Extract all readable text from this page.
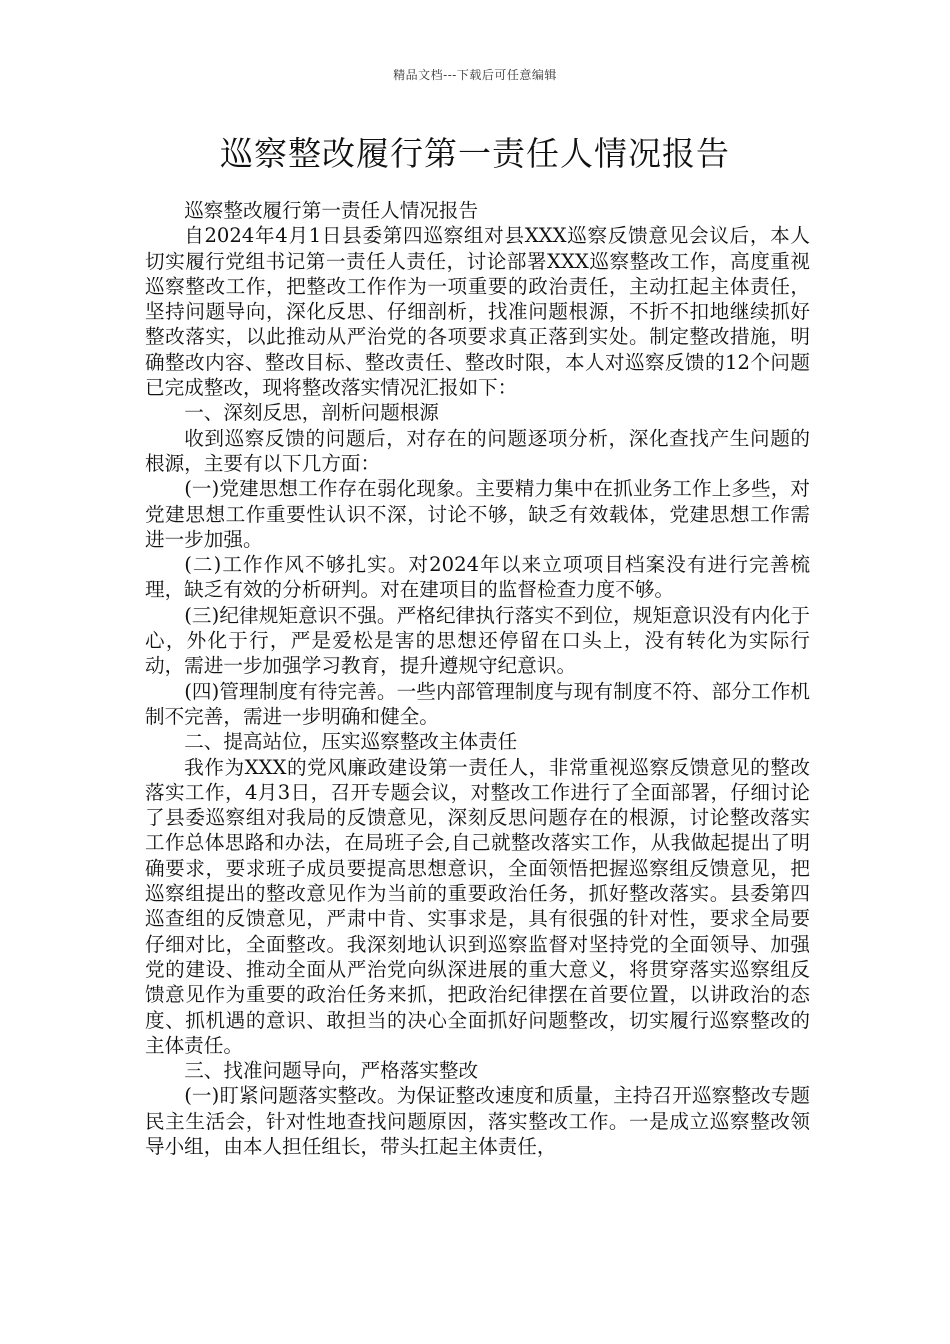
精品文档---下载后可任意编辑
巡察整改履行第一责任人情况报告

巡察整改履行第一责任人情况报告

自2024年4月1日县委第四巡察组对县XXX巡察反馈意见会议后，本人切实履行党组书记第一责任人责任，讨论部署XXX巡察整改工作，高度重视巡察整改工作，把整改工作作为一项重要的政治责任，主动扛起主体责任，坚持问题导向，深化反思、仔细剖析，找准问题根源，不折不扣地继续抓好整改落实，以此推动从严治党的各项要求真正落到实处。制定整改措施，明确整改内容、整改目标、整改责任、整改时限，本人对巡察反馈的12个问题已完成整改，现将整改落实情况汇报如下：

一、深刻反思，剖析问题根源

收到巡察反馈的问题后，对存在的问题逐项分析，深化查找产生问题的根源，主要有以下几方面：

(一)党建思想工作存在弱化现象。主要精力集中在抓业务工作上多些，对党建思想工作重要性认识不深，讨论不够，缺乏有效载体，党建思想工作需进一步加强。

(二)工作作风不够扎实。对2024年以来立项项目档案没有进行完善梳理，缺乏有效的分析研判。对在建项目的监督检查力度不够。

(三)纪律规矩意识不强。严格纪律执行落实不到位，规矩意识没有内化于心，外化于行，严是爱松是害的思想还停留在口头上，没有转化为实际行动，需进一步加强学习教育，提升遵规守纪意识。

(四)管理制度有待完善。一些内部管理制度与现有制度不符、部分工作机制不完善，需进一步明确和健全。

二、提高站位，压实巡察整改主体责任

我作为XXX的党风廉政建设第一责任人，非常重视巡察反馈意见的整改落实工作，4月3日，召开专题会议，对整改工作进行了全面部署，仔细讨论了县委巡察组对我局的反馈意见，深刻反思问题存在的根源，讨论整改落实工作总体思路和办法，在局班子会,自己就整改落实工作，从我做起提出了明确要求，要求班子成员要提高思想意识，全面领悟把握巡察组反馈意见，把巡察组提出的整改意见作为当前的重要政治任务，抓好整改落实。县委第四巡查组的反馈意见，严肃中肯、实事求是，具有很强的针对性，要求全局要仔细对比，全面整改。我深刻地认识到巡察监督对坚持党的全面领导、加强党的建设、推动全面从严治党向纵深进展的重大意义，将贯穿落实巡察组反馈意见作为重要的政治任务来抓，把政治纪律摆在首要位置，以讲政治的态度、抓机遇的意识、敢担当的决心全面抓好问题整改，切实履行巡察整改的主体责任。

三、找准问题导向，严格落实整改

(一)盯紧问题落实整改。为保证整改速度和质量，主持召开巡察整改专题民主生活会，针对性地查找问题原因，落实整改工作。一是成立巡察整改领导小组，由本人担任组长，带头扛起主体责任，
